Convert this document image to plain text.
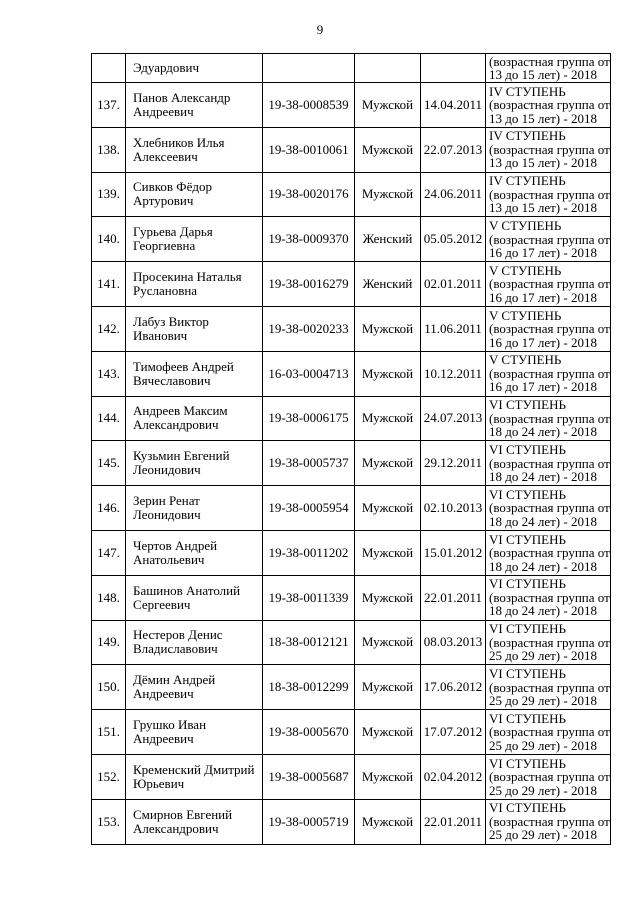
9
	Эдуардович				(возрастная группа от
13 до 15 лет) - 2018

137.	Панов Александр
Андреевич	19-38-0008539	Мужской	14.04.2011	IV СТУПЕНЬ
(возрастная группа от
13 до 15 лет) - 2018

138.	Хлебников Илья
Алексеевич	19-38-0010061	Мужской	22.07.2013	IV СТУПЕНЬ
(возрастная группа от
13 до 15 лет) - 2018

139.	Сивков Фёдор
Артурович	19-38-0020176	Мужской	24.06.2011	IV СТУПЕНЬ
(возрастная группа от
13 до 15 лет) - 2018

140.	Гурьева Дарья
Георгиевна	19-38-0009370	Женский	05.05.2012	V СТУПЕНЬ
(возрастная группа от
16 до 17 лет) - 2018

141.	Просекина Наталья
Руслановна	19-38-0016279	Женский	02.01.2011	V СТУПЕНЬ
(возрастная группа от
16 до 17 лет) - 2018

142.	Лабуз Виктор
Иванович	19-38-0020233	Мужской	11.06.2011	V СТУПЕНЬ
(возрастная группа от
16 до 17 лет) - 2018

143.	Тимофеев Андрей
Вячеславович	16-03-0004713	Мужской	10.12.2011	V СТУПЕНЬ
(возрастная группа от
16 до 17 лет) - 2018

144.	Андреев Максим
Александрович	19-38-0006175	Мужской	24.07.2013	VI СТУПЕНЬ
(возрастная группа от
18 до 24 лет) - 2018

145.	Кузьмин Евгений
Леонидович	19-38-0005737	Мужской	29.12.2011	VI СТУПЕНЬ
(возрастная группа от
18 до 24 лет) - 2018

146.	Зерин Ренат
Леонидович	19-38-0005954	Мужской	02.10.2013	VI СТУПЕНЬ
(возрастная группа от
18 до 24 лет) - 2018

147.	Чертов Андрей
Анатольевич	19-38-0011202	Мужской	15.01.2012	VI СТУПЕНЬ
(возрастная группа от
18 до 24 лет) - 2018

148.	Башинов Анатолий
Сергеевич	19-38-0011339	Мужской	22.01.2011	VI СТУПЕНЬ
(возрастная группа от
18 до 24 лет) - 2018

149.	Нестеров Денис
Владиславович	18-38-0012121	Мужской	08.03.2013	VI СТУПЕНЬ
(возрастная группа от
25 до 29 лет) - 2018

150.	Дёмин Андрей
Андреевич	18-38-0012299	Мужской	17.06.2012	VI СТУПЕНЬ
(возрастная группа от
25 до 29 лет) - 2018

151.	Грушко Иван
Андреевич	19-38-0005670	Мужской	17.07.2012	VI СТУПЕНЬ
(возрастная группа от
25 до 29 лет) - 2018

152.	Кременский Дмитрий
Юрьевич	19-38-0005687	Мужской	02.04.2012	VI СТУПЕНЬ
(возрастная группа от
25 до 29 лет) - 2018

153.	Смирнов Евгений
Александрович	19-38-0005719	Мужской	22.01.2011	VI СТУПЕНЬ
(возрастная группа от
25 до 29 лет) - 2018
